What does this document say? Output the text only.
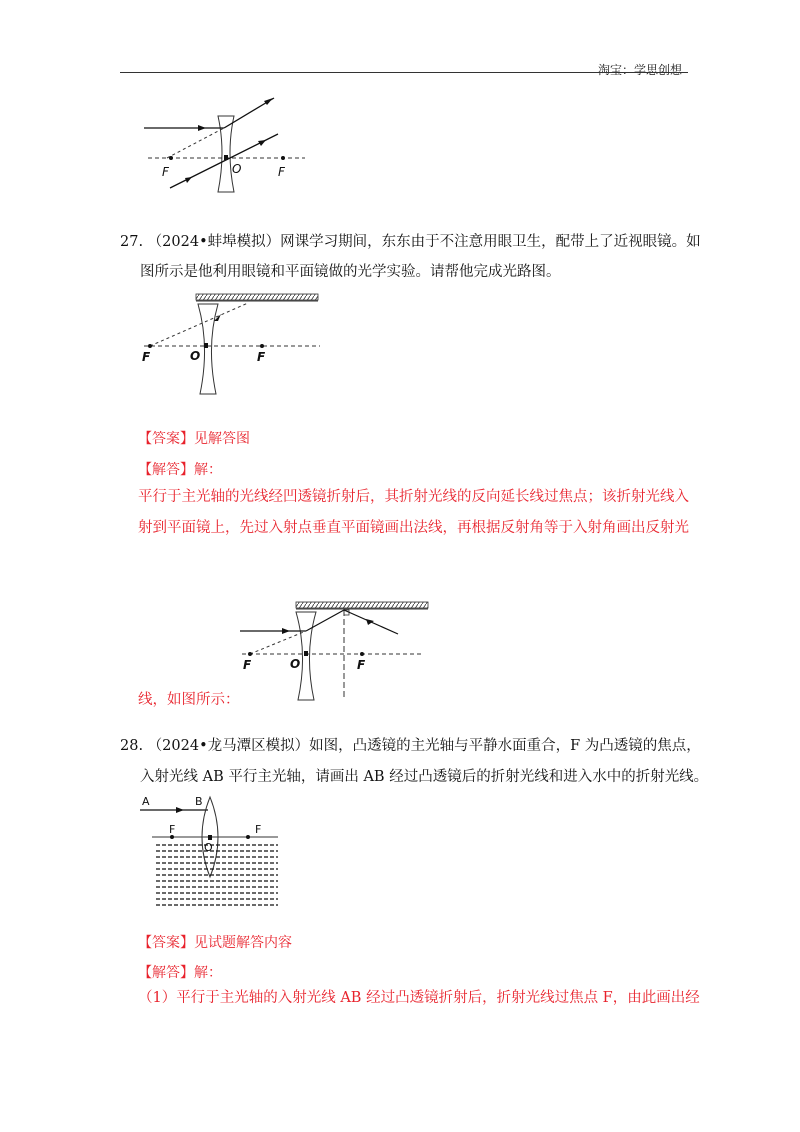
淘宝：学思创想
F	O	F
27. （2024•蚌埠模拟）网课学习期间，东东由于不注意用眼卫生，配带上了近视眼镜。如
图所示是他利用眼镜和平面镜做的光学实验。请帮他完成光路图。
F	O	F
【答案】见解答图
【解答】解：
平行于主光轴的光线经凹透镜折射后，其折射光线的反向延长线过焦点；该折射光线入
射到平面镜上，先过入射点垂直平面镜画出法线，再根据反射角等于入射角画出反射光
F	O	F
线，如图所示：
28. （2024•龙马潭区模拟）如图，凸透镜的主光轴与平静水面重合，F 为凸透镜的焦点，
入射光线 AB 平行主光轴，请画出 AB 经过凸透镜后的折射光线和进入水中的折射光线。
A	B
F	F
O
【答案】见试题解答内容
【解答】解：
（1）平行于主光轴的入射光线 AB 经过凸透镜折射后，折射光线过焦点 F，由此画出经
